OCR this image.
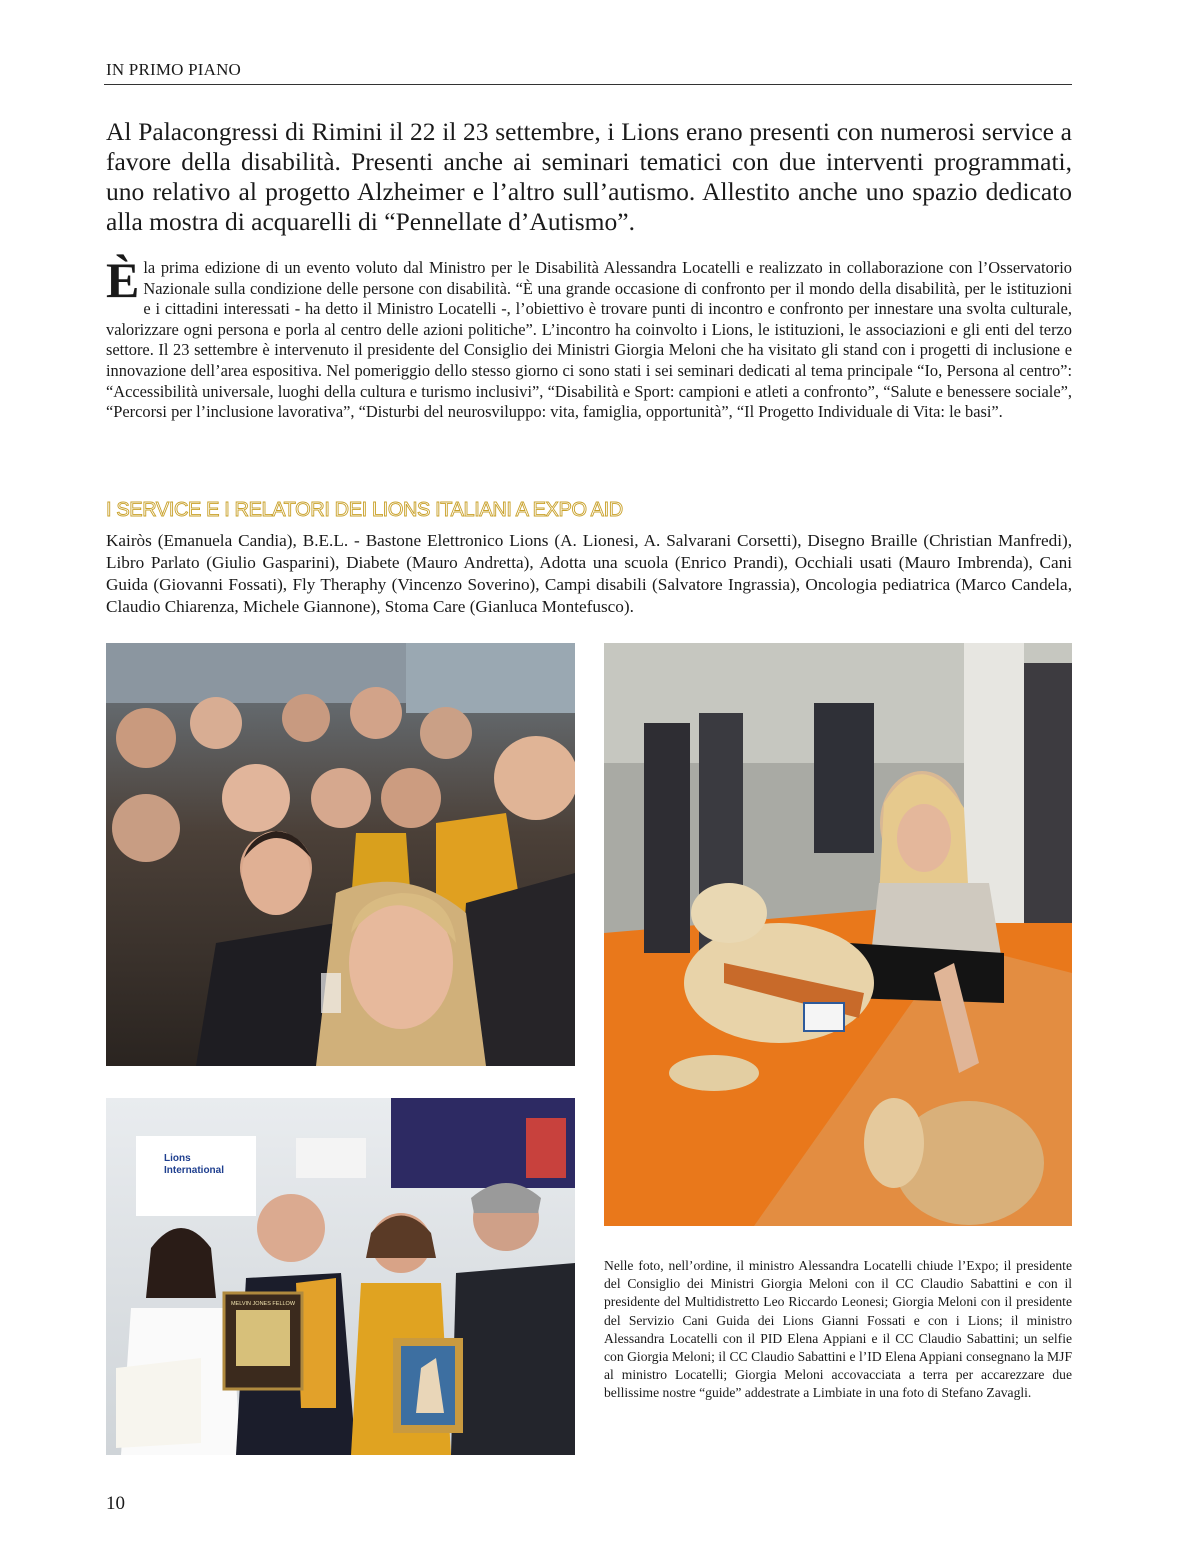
IN PRIMO PIANO

Al Palacongressi di Rimini il 22 il 23 settembre, i Lions erano presenti con numerosi service a favore della disabilità. Presenti anche ai seminari tematici con due interventi programmati, uno relativo al progetto Alzheimer e l’altro sull’autismo. Allestito anche uno spazio dedicato alla mostra di acquarelli di “Pennellate d’Autismo”.

Èla prima edizione di un evento voluto dal Ministro per le Disabilità Alessandra Locatelli e realizzato in collaborazione con l’Osservatorio Nazionale sulla condizione delle persone con disabilità. “È una grande occasione di confronto per il mondo della disabilità, per le istituzioni e i cittadini interessati - ha detto il Ministro Locatelli -, l’obiettivo è trovare punti di incontro e confronto per innestare una svolta culturale, valorizzare ogni persona e porla al centro delle azioni politiche”. L’incontro ha coinvolto i Lions, le istituzioni, le associazioni e gli enti del terzo settore. Il 23 settembre è intervenuto il presidente del Consiglio dei Ministri Giorgia Meloni che ha visitato gli stand con i progetti di inclusione e innovazione dell’area espositiva. Nel pomeriggio dello stesso giorno ci sono stati i sei seminari dedicati al tema principale “Io, Persona al centro”: “Accessibilità universale, luoghi della cultura e turismo inclusivi”, “Disabilità e Sport: campioni e atleti a confronto”, “Salute e benessere sociale”, “Percorsi per l’inclusione lavorativa”, “Disturbi del neurosviluppo: vita, famiglia, opportunità”, “Il Progetto Individuale di Vita: le basi”.

I SERVICE E I RELATORI DEI LIONS ITALIANI A EXPO AID

Kairòs (Emanuela Candia), B.E.L. - Bastone Elettronico Lions (A. Lionesi, A. Salvarani Corsetti), Disegno Braille (Christian Manfredi), Libro Parlato (Giulio Gasparini), Diabete (Mauro Andretta), Adotta una scuola (Enrico Prandi), Occhiali usati (Mauro Imbrenda), Cani Guida (Giovanni Fossati), Fly Theraphy (Vincenzo Soverino), Campi disabili (Salvatore Ingrassia), Oncologia pediatrica (Marco Candela, Claudio Chiarenza, Michele Giannone), Stoma Care (Gianluca Montefusco).

Lions
International
MELVIN JONES FELLOW

Nelle foto, nell’ordine, il ministro Alessandra Locatelli chiude l’Expo; il presidente del Consiglio dei Ministri Giorgia Meloni con il CC Claudio Sabattini e con il presidente del Multidistretto Leo Riccardo Leonesi; Giorgia Meloni con il presidente del Servizio Cani Guida dei Lions Gianni Fossati e con i Lions; il ministro Alessandra Locatelli con il PID Elena Appiani e il CC Claudio Sabattini; un selfie con Giorgia Meloni; il CC Claudio Sabattini e l’ID Elena Appiani consegnano la MJF al ministro Locatelli; Giorgia Meloni accovacciata a terra per accarezzare due bellissime nostre “guide” addestrate a Limbiate in una foto di Stefano Zavagli.

10
